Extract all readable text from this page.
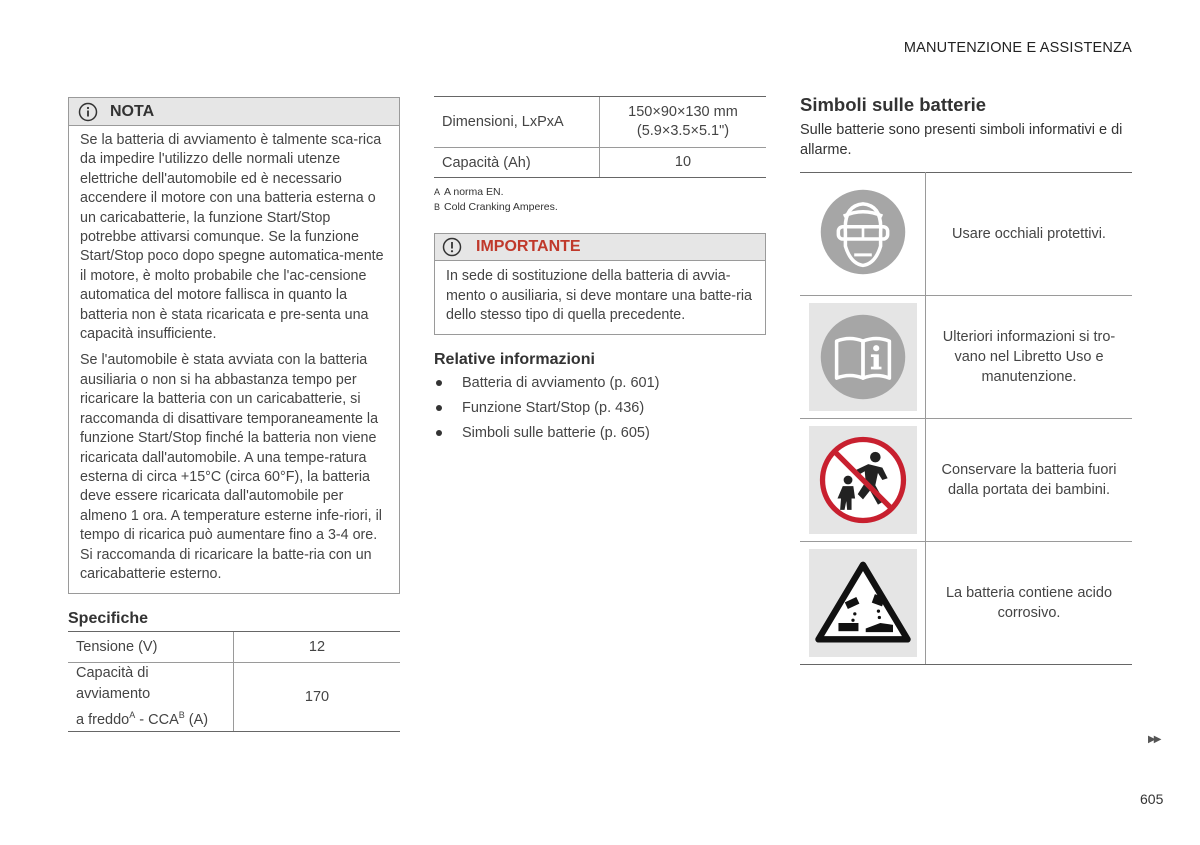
MANUTENZIONE E ASSISTENZA
NOTA

Se la batteria di avviamento è talmente sca-rica da impedire l'utilizzo delle normali utenze elettriche dell'automobile ed è necessario accendere il motore con una batteria esterna o un caricabatterie, la funzione Start/Stop potrebbe attivarsi comunque. Se la funzione Start/Stop poco dopo spegne automatica-mente il motore, è molto probabile che l'ac-censione automatica del motore fallisca in quanto la batteria non è stata ricaricata e pre-senta una capacità insufficiente.

Se l'automobile è stata avviata con la batteria ausiliaria o non si ha abbastanza tempo per ricaricare la batteria con un caricabatterie, si raccomanda di disattivare temporaneamente la funzione Start/Stop finché la batteria non viene ricaricata dall'automobile. A una tempe-ratura esterna di circa +15°C (circa 60°F), la batteria deve essere ricaricata dall'automobile per almeno 1 ora. A temperature esterne infe-riori, il tempo di ricarica può aumentare fino a 3-4 ore. Si raccomanda di ricaricare la batte-ria con un caricabatterie esterno.

Specifiche
Tensione (V)	12
Capacità di avviamento
a freddo$^A$ - $CCA^B$ (A)	170
Dimensioni, LxPxA	150×90×130 mm
(5.9×3.5×5.1")
Capacità (Ah)	10
A A norma EN.
B Cold Cranking Amperes.
IMPORTANTE
In sede di sostituzione della batteria di avvia-mento o ausiliaria, si deve montare una batte-ria dello stesso tipo di quella precedente.
Relative informazioni
Batteria di avviamento (p. 601)
Funzione Start/Stop (p. 436)
Simboli sulle batterie (p. 605)
Simboli sulle batterie
Sulle batterie sono presenti simboli informativi e di allarme.
	Usare occhiali protettivi.

	Ulteriori informazioni si tro-vano nel Libretto Uso e manutenzione.

	Conservare la batteria fuori dalla portata dei bambini.

	La batteria contiene acido corrosivo.
▶▶
605
